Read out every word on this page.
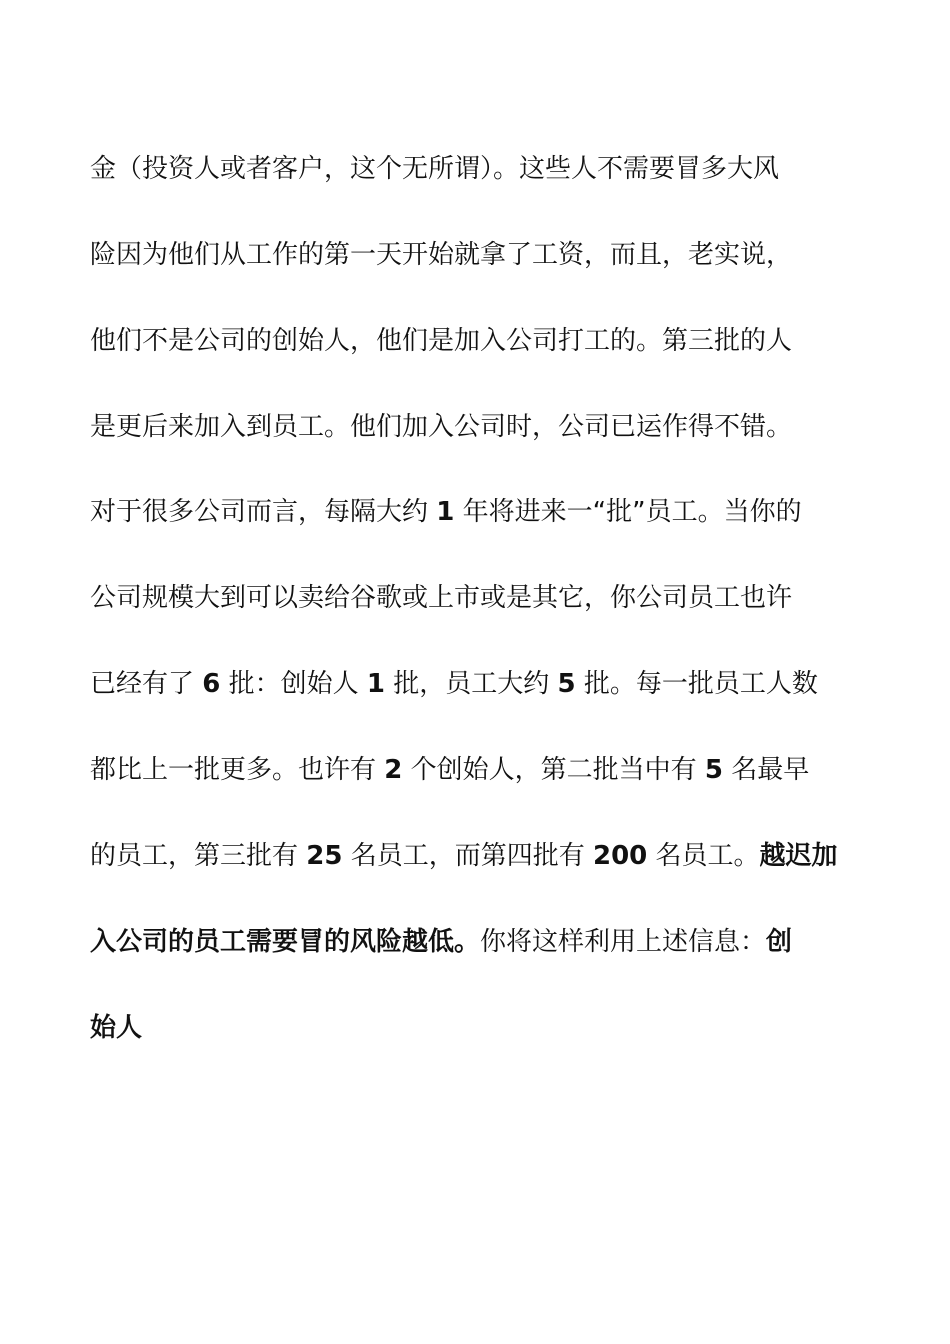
金（投资人或者客户，这个无所谓）。这些人不需要冒多大风
险因为他们从工作的第一天开始就拿了工资，而且，老实说，
他们不是公司的创始人，他们是加入公司打工的。第三批的人
是更后来加入到员工。他们加入公司时，公司已运作得不错。
对于很多公司而言，每隔大约 1 年将进来一“批”员工。当你的
公司规模大到可以卖给谷歌或上市或是其它，你公司员工也许
已经有了 6 批：创始人 1 批，员工大约 5 批。每一批员工人数
都比上一批更多。也许有 2 个创始人，第二批当中有 5 名最早
的员工，第三批有 25 名员工，而第四批有 200 名员工。越迟加
入公司的员工需要冒的风险越低。你将这样利用上述信息：创
始人
